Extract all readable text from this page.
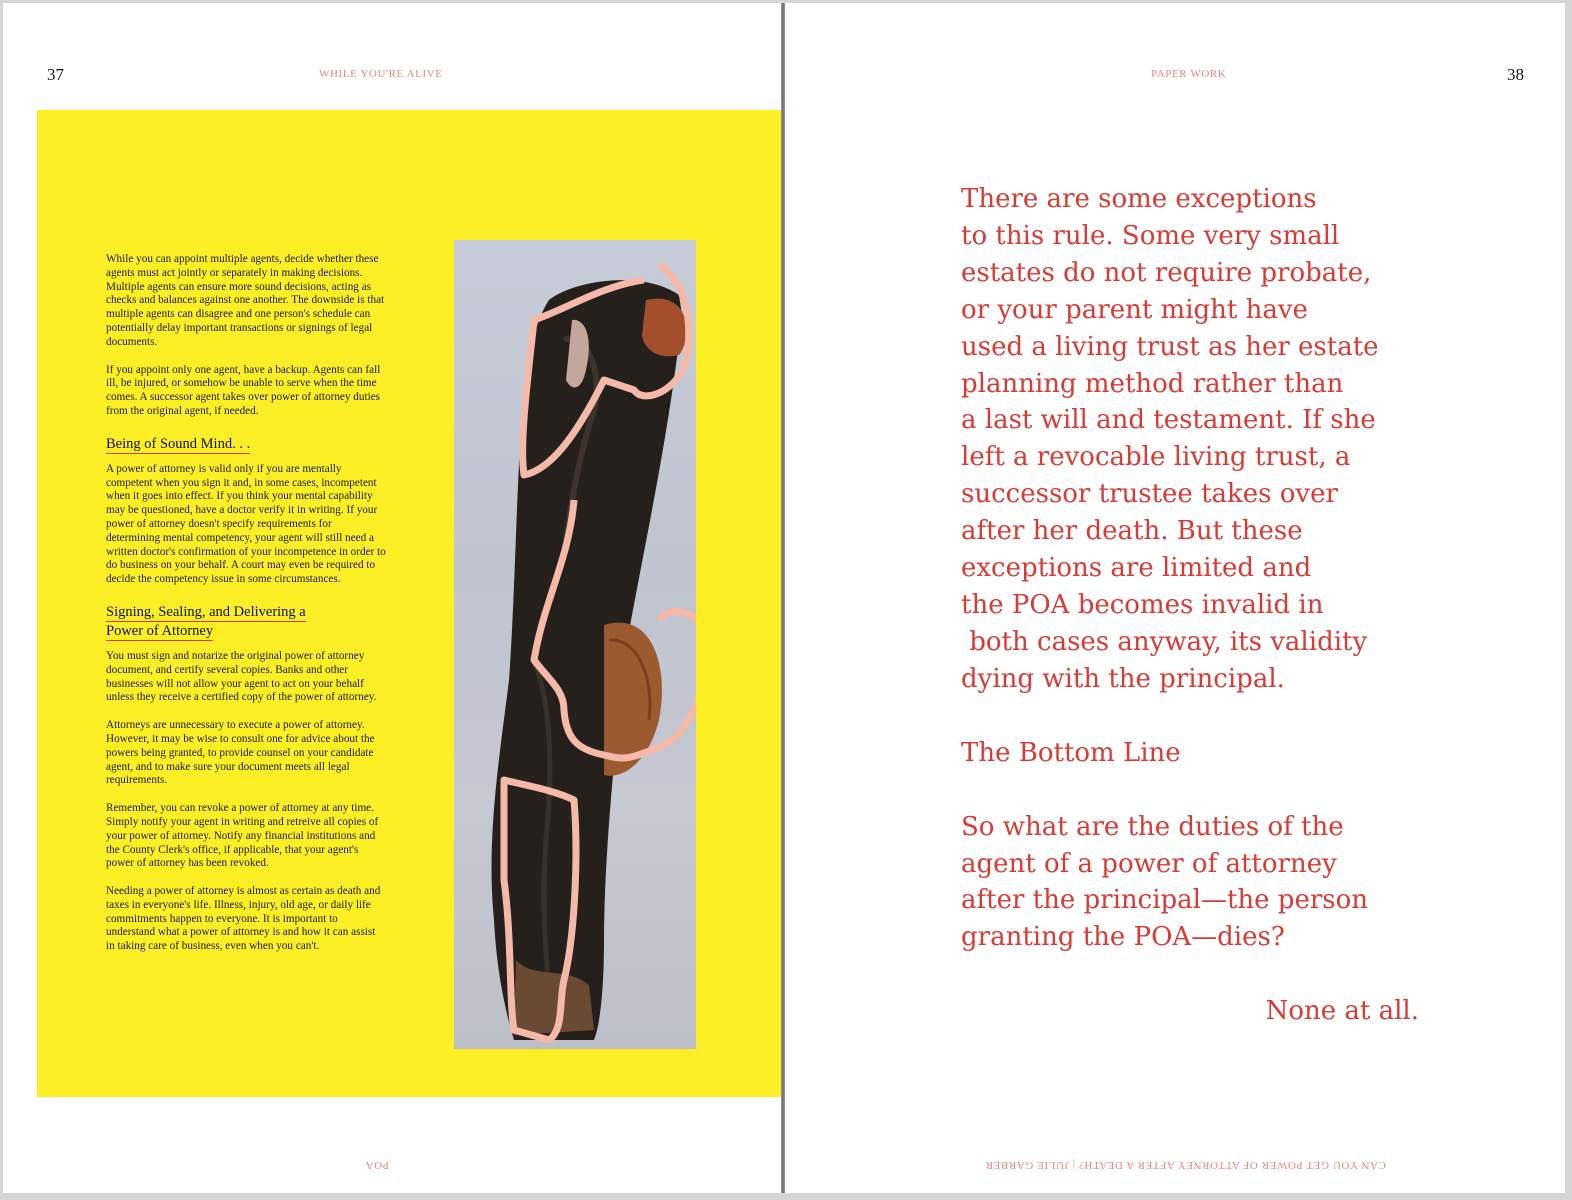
37	WHILE YOU'RE ALIVE

While you can appoint multiple agents, decide whether these agents must act jointly or separately in making decisions. Multiple agents can ensure more sound decisions, acting as checks and balances against one another. The downside is that multiple agents can disagree and one person's schedule can potentially delay important transactions or signings of legal documents.

If you appoint only one agent, have a backup. Agents can fall ill, be injured, or somehow be unable to serve when the time comes. A successor agent takes over power of attorney duties from the original agent, if needed.

Being of Sound Mind. . .

A power of attorney is valid only if you are mentally competent when you sign it and, in some cases, incompetent when it goes into effect. If you think your mental capability may be questioned, have a doctor verify it in writing. If your power of attorney doesn't specify requirements for determining mental competency, your agent will still need a written doctor's confirmation of your incompetence in order to do business on your behalf. A court may even be required to decide the competency issue in some circumstances.

Signing, Sealing, and Delivering a
Power of Attorney

You must sign and notarize the original power of attorney document, and certify several copies. Banks and other businesses will not allow your agent to act on your behalf unless they receive a certified copy of the power of attorney.

Attorneys are unnecessary to execute a power of attorney. However, it may be wise to consult one for advice about the powers being granted, to provide counsel on your candidate agent, and to make sure your document meets all legal requirements.

Remember, you can revoke a power of attorney at any time. Simply notify your agent in writing and retreive all copies of your power of attorney. Notify any financial institutions and the County Clerk's office, if applicable, that your agent's power of attorney has been revoked.

Needing a power of attorney is almost as certain as death and taxes in everyone's life. Illness, injury, old age, or daily life commitments happen to everyone. It is important to understand what a power of attorney is and how it can assist in taking care of business, even when you can't.

POA
PAPER WORK	38

There are some exceptions

to this rule. Some very small

estates do not require probate,

or your parent might have

used a living trust as her estate

planning method rather than

a last will and testament. If she

left a revocable living trust, a

successor trustee takes over

after her death. But these

exceptions are limited and

the POA becomes invalid in

both cases anyway, its validity

dying with the principal.

The Bottom Line

So what are the duties of the

agent of a power of attorney

after the principal—the person

granting the POA—dies?

None at all.

CAN YOU GET POWER OF ATTORNEY AFTER A DEATH? | JULIE GARBER
